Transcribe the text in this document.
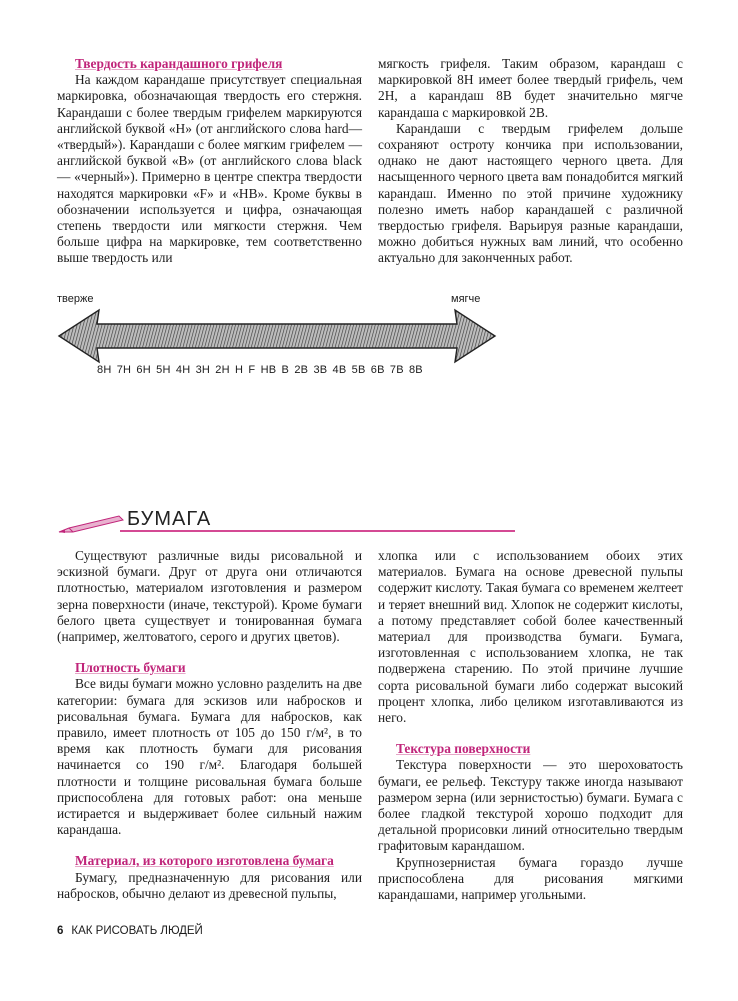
Твердость карандашного грифеля

На каждом карандаше присутствует специальная маркировка, обозначающая твердость его стержня. Карандаши с более твердым грифелем маркируются английской буквой «Н» (от английского слова hard— «твердый»). Карандаши с более мягким грифелем — английской буквой «В» (от английского слова black — «черный»). Примерно в центре спектра твердости находятся маркировки «F» и «НВ». Кроме буквы в обозначении используется и цифра, означающая степень твердости или мягкости стержня. Чем больше цифра на маркировке, тем соответственно выше твердость или

мягкость грифеля. Таким образом, карандаш с маркировкой 8Н имеет более твердый грифель, чем 2Н, а карандаш 8В будет значительно мягче карандаша с маркировкой 2В.

Карандаши с твердым грифелем дольше сохраняют остроту кончика при использовании, однако не дают настоящего черного цвета. Для насыщенного черного цвета вам понадобится мягкий карандаш. Именно по этой причине художнику полезно иметь набор карандашей с различной твердостью грифеля. Варьируя разные карандаши, можно добиться нужных вам линий, что особенно актуально для законченных работ.

тверже	мягче
8H 7H 6H 5H 4H 3H 2H H F HB B 2B 3B 4B 5B 6B 7B 8B
БУМАГА

Существуют различные виды рисовальной и эскизной бумаги. Друг от друга они отличаются плотностью, материалом изготовления и размером зерна поверхности (иначе, текстурой). Кроме бумаги белого цвета существует и тонированная бумага (например, желтоватого, серого и других цветов).

Плотность бумаги

Все виды бумаги можно условно разделить на две категории: бумага для эскизов или набросков и рисовальная бумага. Бумага для набросков, как правило, имеет плотность от 105 до 150 г/м², в то время как плотность бумаги для рисования начинается со 190 г/м². Благодаря большей плотности и толщине рисовальная бумага больше приспособлена для готовых работ: она меньше истирается и выдерживает более сильный нажим карандаша.

Материал, из которого изготовлена бумага

Бумагу, предназначенную для рисования или набросков, обычно делают из древесной пульпы,

хлопка или с использованием обоих этих материалов. Бумага на основе древесной пульпы содержит кислоту. Такая бумага со временем желтеет и теряет внешний вид. Хлопок не содержит кислоты, а потому представляет собой более качественный материал для производства бумаги. Бумага, изготовленная с использованием хлопка, не так подвержена старению. По этой причине лучшие сорта рисовальной бумаги либо содержат высокий процент хлопка, либо целиком изготавливаются из него.

Текстура поверхности

Текстура поверхности — это шероховатость бумаги, ее рельеф. Текстуру также иногда называют размером зерна (или зернистостью) бумаги. Бумага с более гладкой текстурой хорошо подходит для детальной прорисовки линий относительно твердым графитовым карандашом.

Крупнозернистая бумага гораздо лучше приспособлена для рисования мягкими карандашами, например угольными.

6 КАК РИСОВАТЬ ЛЮДЕЙ
